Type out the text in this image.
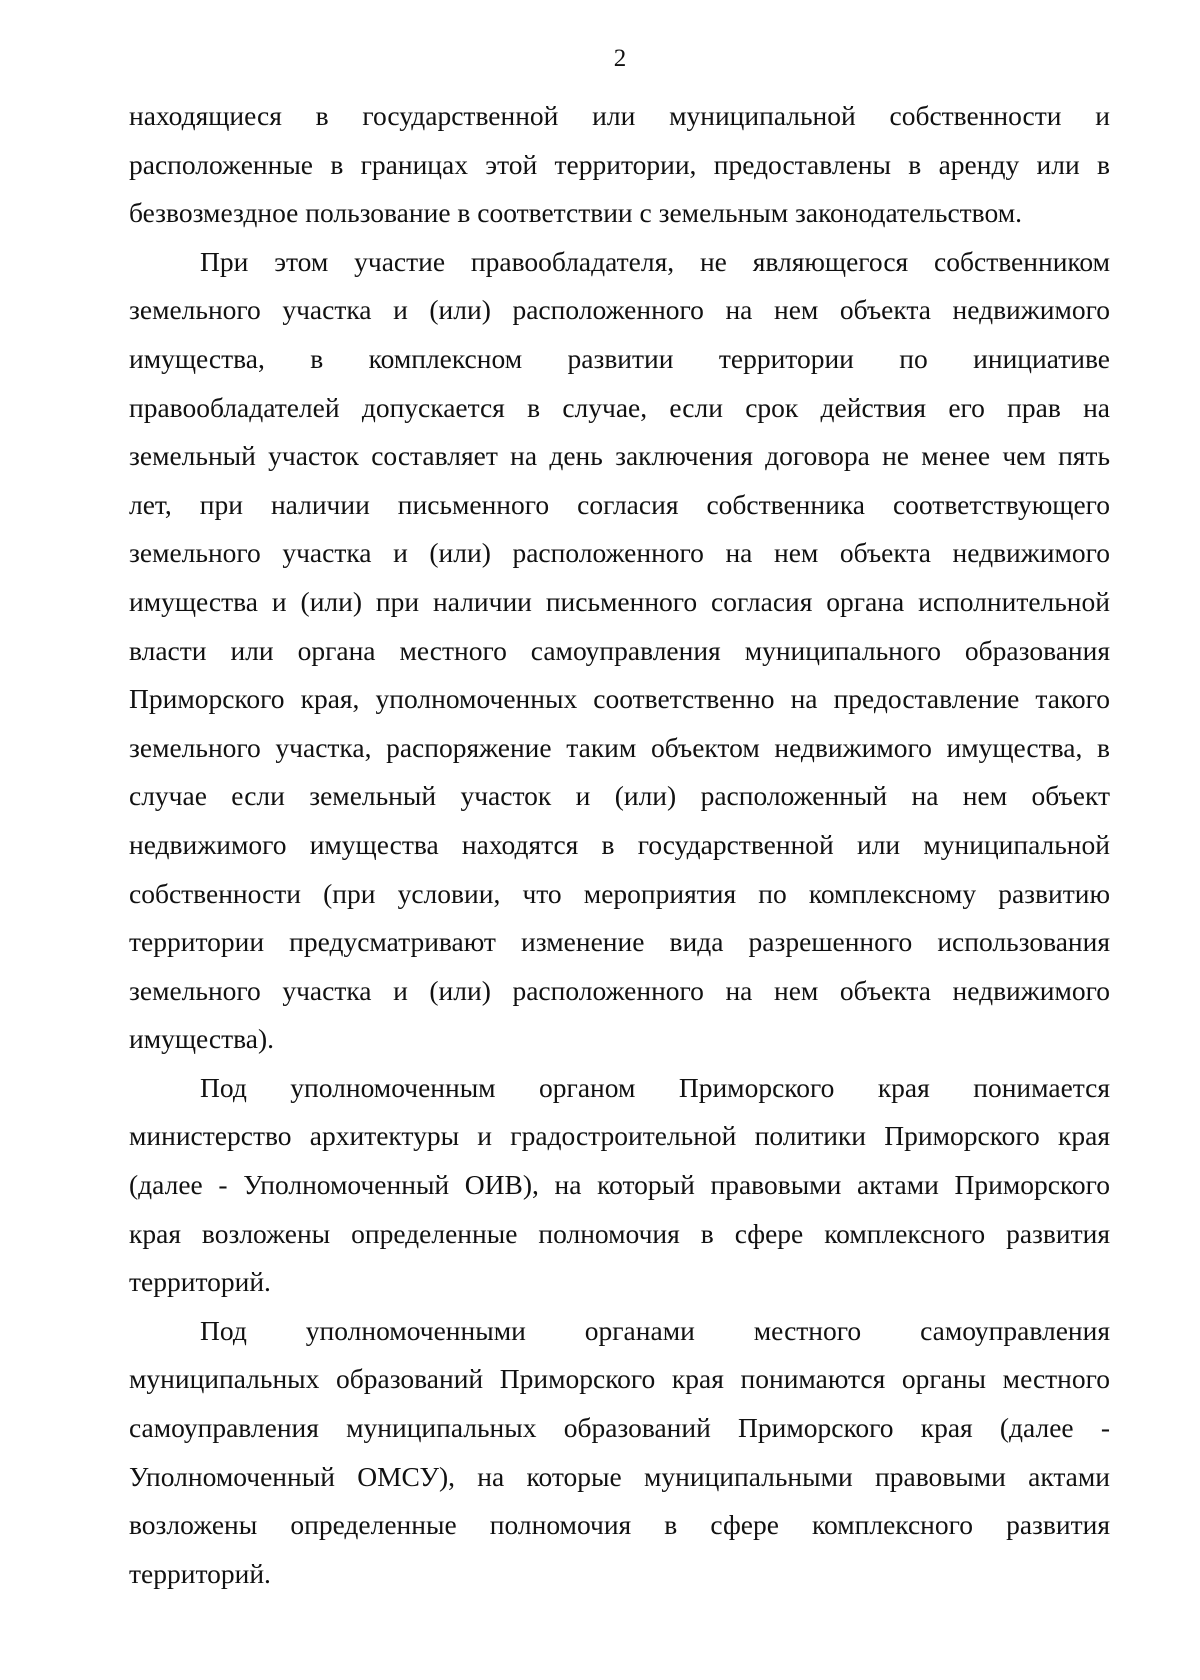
2
находящиеся в государственной или муниципальной собственности и
расположенные в границах этой территории, предоставлены в аренду или в
безвозмездное пользование в соответствии с земельным законодательством.
При этом участие правообладателя, не являющегося собственником
земельного участка и (или) расположенного на нем объекта недвижимого
имущества, в комплексном развитии территории по инициативе
правообладателей допускается в случае, если срок действия его прав на
земельный участок составляет на день заключения договора не менее чем пять
лет, при наличии письменного согласия собственника соответствующего
земельного участка и (или) расположенного на нем объекта недвижимого
имущества и (или) при наличии письменного согласия органа исполнительной
власти или органа местного самоуправления муниципального образования
Приморского края, уполномоченных соответственно на предоставление такого
земельного участка, распоряжение таким объектом недвижимого имущества, в
случае если земельный участок и (или) расположенный на нем объект
недвижимого имущества находятся в государственной или муниципальной
собственности (при условии, что мероприятия по комплексному развитию
территории предусматривают изменение вида разрешенного использования
земельного участка и (или) расположенного на нем объекта недвижимого
имущества).
Под уполномоченным органом Приморского края понимается
министерство архитектуры и градостроительной политики Приморского края
(далее - Уполномоченный ОИВ), на который правовыми актами Приморского
края возложены определенные полномочия в сфере комплексного развития
территорий.
Под уполномоченными органами местного самоуправления
муниципальных образований Приморского края понимаются органы местного
самоуправления муниципальных образований Приморского края (далее -
Уполномоченный ОМСУ), на которые муниципальными правовыми актами
возложены определенные полномочия в сфере комплексного развития
территорий.
